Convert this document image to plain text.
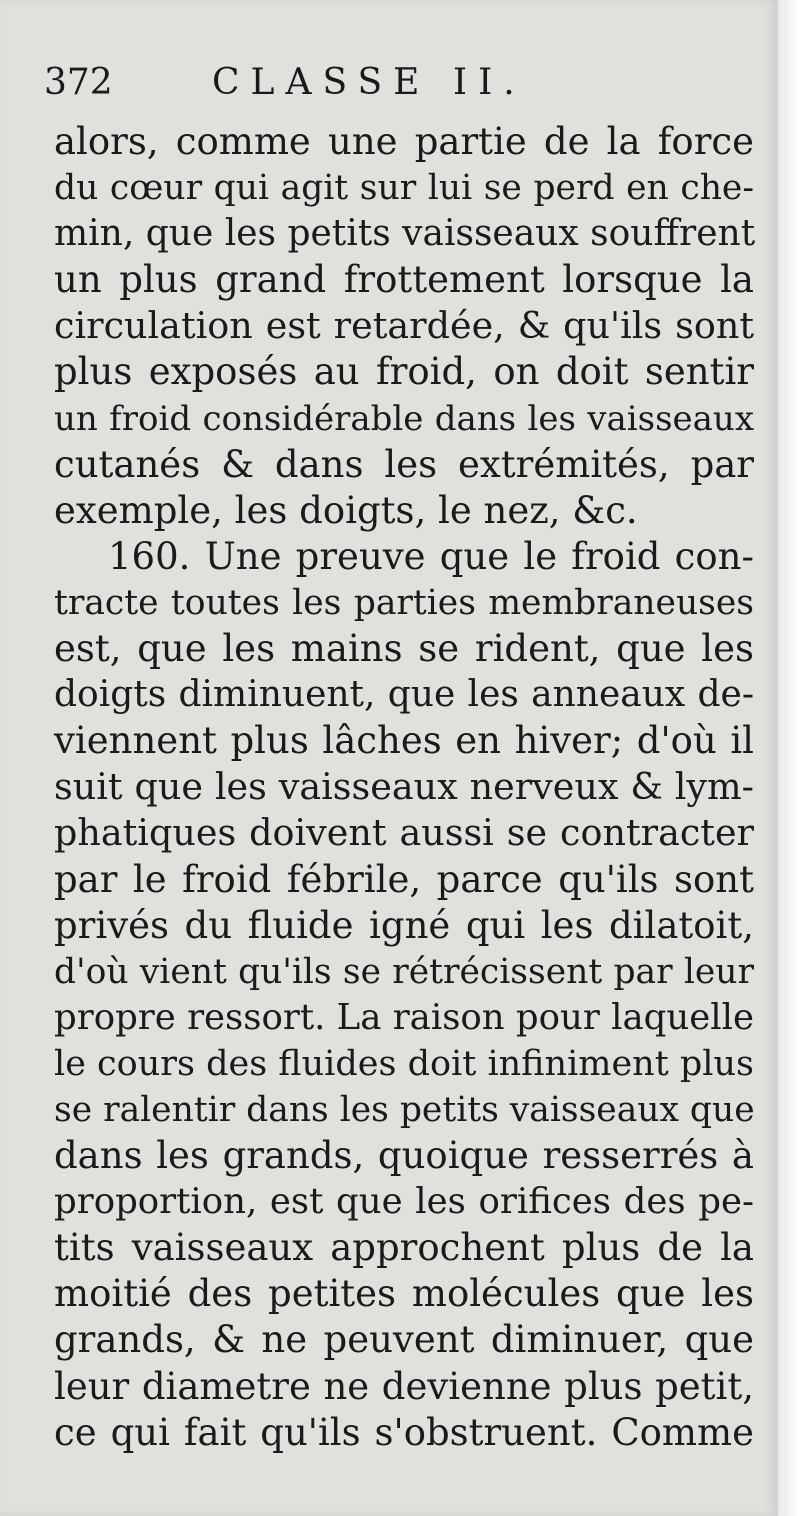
372	CLASSE II.
alors, comme une partie de la force
du cœur qui agit sur lui se perd en che-
min, que les petits vaisseaux souffrent
un plus grand frottement lorsque la
circulation est retardée, & qu'ils sont
plus exposés au froid, on doit sentir
un froid considérable dans les vaisseaux
cutanés & dans les extrémités, par
exemple, les doigts, le nez, &c.
160. Une preuve que le froid con-
tracte toutes les parties membraneuses
est, que les mains se rident, que les
doigts diminuent, que les anneaux de-
viennent plus lâches en hiver; d'où il
suit que les vaisseaux nerveux & lym-
phatiques doivent aussi se contracter
par le froid fébrile, parce qu'ils sont
privés du fluide igné qui les dilatoit,
d'où vient qu'ils se rétrécissent par leur
propre ressort. La raison pour laquelle
le cours des fluides doit infiniment plus
se ralentir dans les petits vaisseaux que
dans les grands, quoique resserrés à
proportion, est que les orifices des pe-
tits vaisseaux approchent plus de la
moitié des petites molécules que les
grands, & ne peuvent diminuer, que
leur diametre ne devienne plus petit,
ce qui fait qu'ils s'obstruent. Comme
